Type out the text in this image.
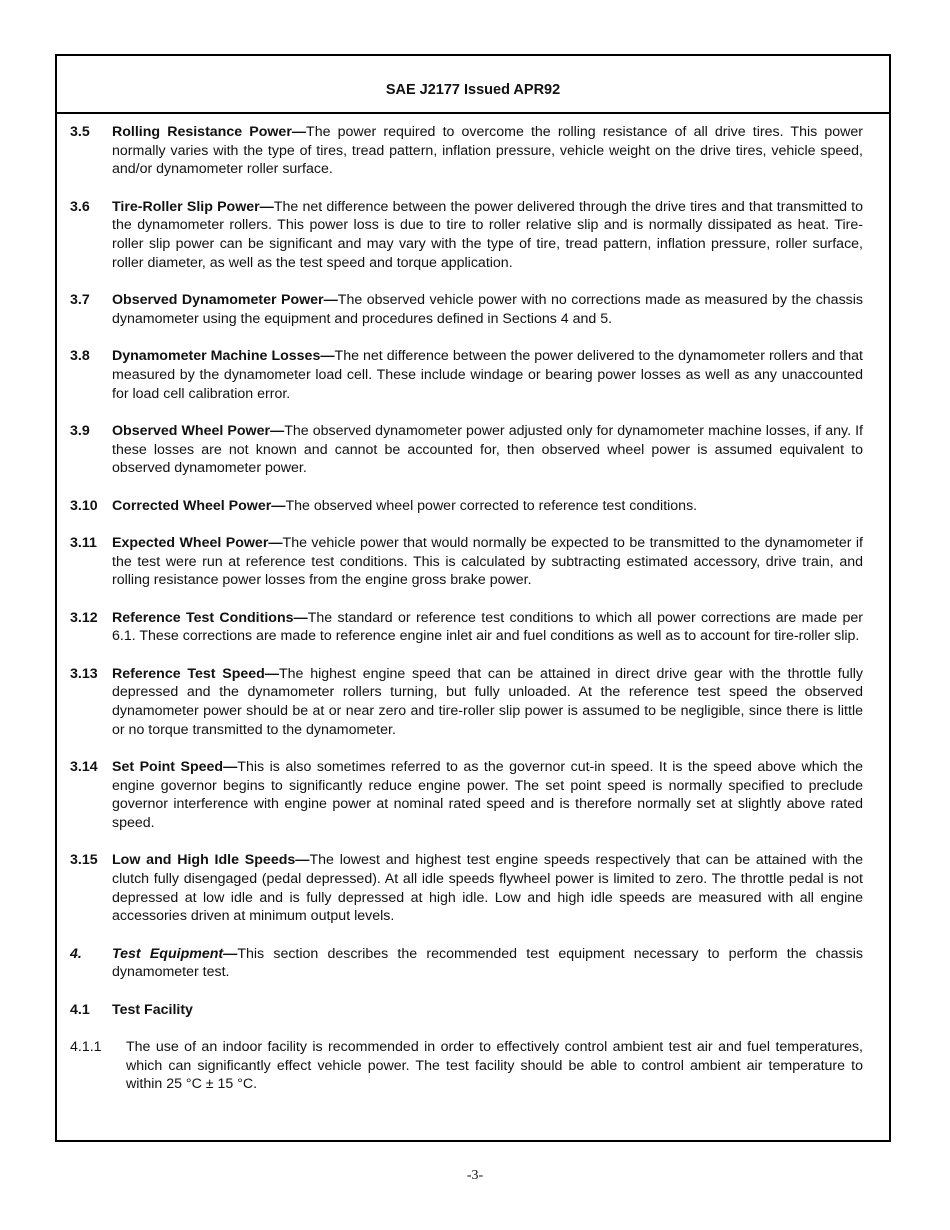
SAE J2177 Issued APR92
3.5	Rolling Resistance Power—The power required to overcome the rolling resistance of all drive tires. This power normally varies with the type of tires, tread pattern, inflation pressure, vehicle weight on the drive tires, vehicle speed, and/or dynamometer roller surface.
3.6	Tire-Roller Slip Power—The net difference between the power delivered through the drive tires and that transmitted to the dynamometer rollers. This power loss is due to tire to roller relative slip and is normally dissipated as heat. Tire-roller slip power can be significant and may vary with the type of tire, tread pattern, inflation pressure, roller surface, roller diameter, as well as the test speed and torque application.
3.7	Observed Dynamometer Power—The observed vehicle power with no corrections made as measured by the chassis dynamometer using the equipment and procedures defined in Sections 4 and 5.
3.8	Dynamometer Machine Losses—The net difference between the power delivered to the dynamometer rollers and that measured by the dynamometer load cell. These include windage or bearing power losses as well as any unaccounted for load cell calibration error.
3.9	Observed Wheel Power—The observed dynamometer power adjusted only for dynamometer machine losses, if any. If these losses are not known and cannot be accounted for, then observed wheel power is assumed equivalent to observed dynamometer power.
3.10	Corrected Wheel Power—The observed wheel power corrected to reference test conditions.
3.11	Expected Wheel Power—The vehicle power that would normally be expected to be transmitted to the dynamometer if the test were run at reference test conditions. This is calculated by subtracting estimated accessory, drive train, and rolling resistance power losses from the engine gross brake power.
3.12	Reference Test Conditions—The standard or reference test conditions to which all power corrections are made per 6.1. These corrections are made to reference engine inlet air and fuel conditions as well as to account for tire-roller slip.
3.13	Reference Test Speed—The highest engine speed that can be attained in direct drive gear with the throttle fully depressed and the dynamometer rollers turning, but fully unloaded. At the reference test speed the observed dynamometer power should be at or near zero and tire-roller slip power is assumed to be negligible, since there is little or no torque transmitted to the dynamometer.
3.14	Set Point Speed—This is also sometimes referred to as the governor cut-in speed. It is the speed above which the engine governor begins to significantly reduce engine power. The set point speed is normally specified to preclude governor interference with engine power at nominal rated speed and is therefore normally set at slightly above rated speed.
3.15	Low and High Idle Speeds—The lowest and highest test engine speeds respectively that can be attained with the clutch fully disengaged (pedal depressed). At all idle speeds flywheel power is limited to zero. The throttle pedal is not depressed at low idle and is fully depressed at high idle. Low and high idle speeds are measured with all engine accessories driven at minimum output levels.
4.	Test Equipment—This section describes the recommended test equipment necessary to perform the chassis dynamometer test.
4.1	Test Facility
4.1.1	The use of an indoor facility is recommended in order to effectively control ambient test air and fuel temperatures, which can significantly effect vehicle power. The test facility should be able to control ambient air temperature to within 25 °C ± 15 °C.
-3-
